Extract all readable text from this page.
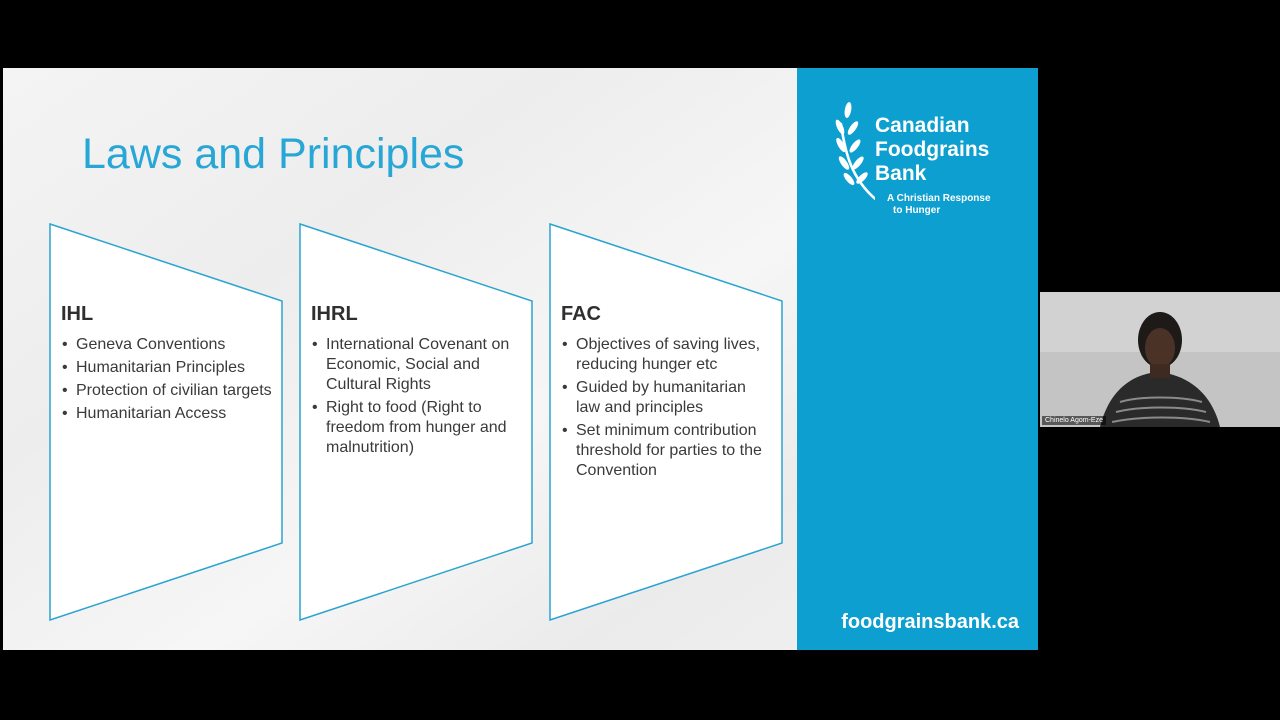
Laws and Principles
IHL
• Geneva Conventions
• Humanitarian Principles
• Protection of civilian targets
• Humanitarian Access
IHRL
• International Covenant on Economic, Social and Cultural Rights
• Right to food (Right to freedom from hunger and malnutrition)
FAC
• Objectives of saving lives, reducing hunger etc
• Guided by humanitarian law and principles
• Set minimum contribution threshold for parties to the Convention
Canadian
Foodgrains
Bank
A Christian Response
to Hunger
foodgrainsbank.ca
Chinelo Agom-Eze
